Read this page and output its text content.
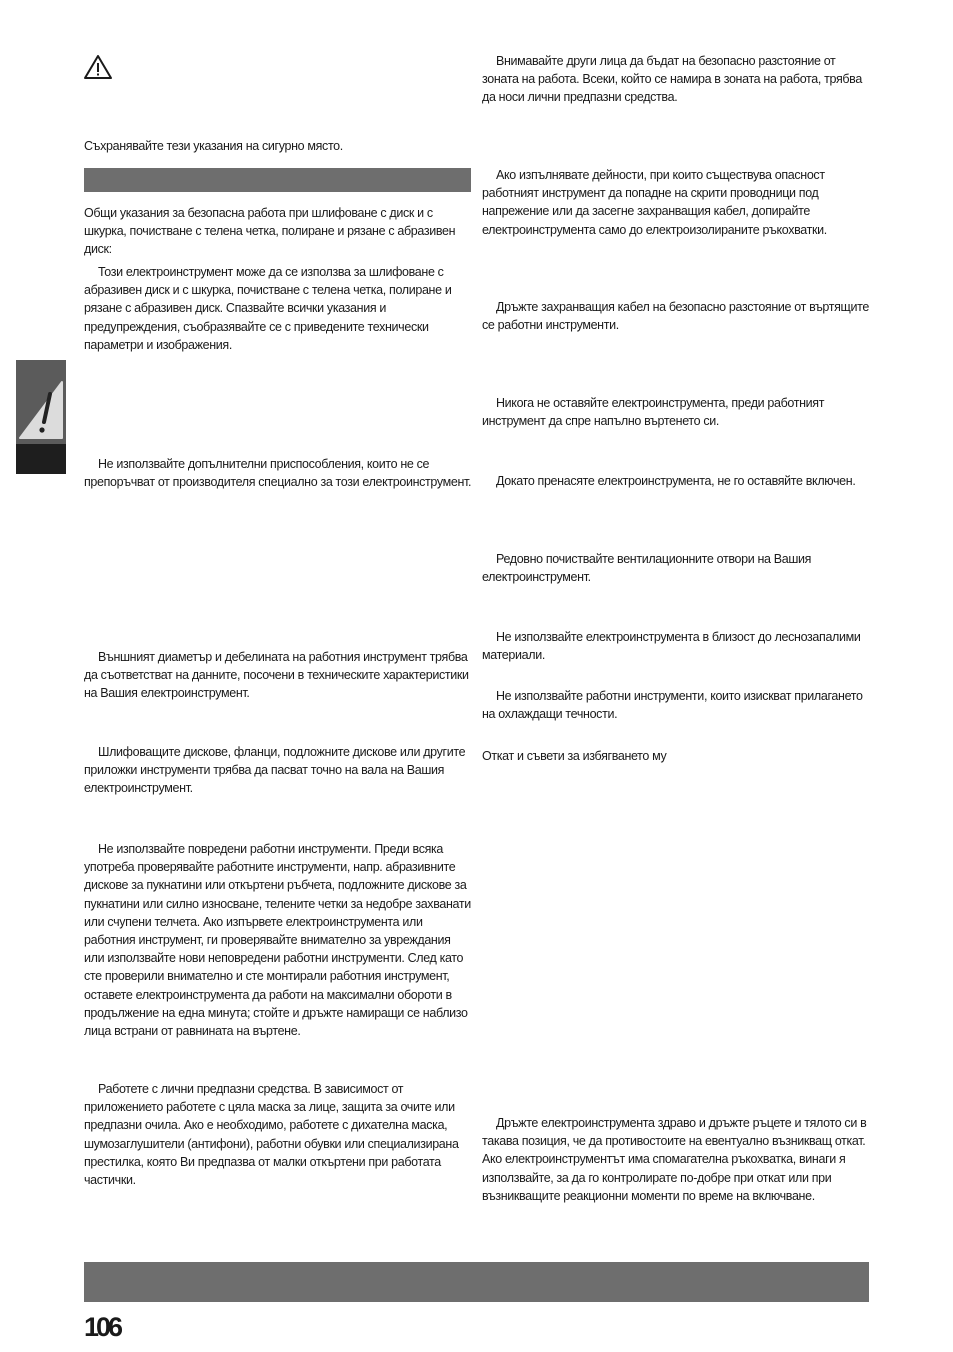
Съхранявайте тези указания на сигурно място.

Общи указания за безопасна работа при шлифоване с диск и с шкурка, почистване с телена четка, полиране и рязане с абразивен диск:

Този електроинструмент може да се използва за шлифоване с абразивен диск и с шкурка, почистване с телена четка, полиране и рязане с абразивен диск. Спазвайте всички указания и предупреждения, съобразявайте се с приведените технически параметри и изображения.

Не използвайте допълнителни приспособления, които не се препоръчват от производителя специално за този електроинструмент.

Външният диаметър и дебелината на работния инструмент трябва да съответстват на данните, посочени в техническите характеристики на Вашия електроинструмент.

Шлифоващите дискове, фланци, подложните дискове или другите приложки инструменти трябва да пасват точно на вала на Вашия електроинструмент.

Не използвайте повредени работни инструменти. Преди всяка употреба проверявайте работните инструменти, напр. абразивните дискове за пукнатини или откъртени ръбчета, подложните дискове за пукнатини или силно износване, телените четки за недобре захванати или счупени телчета. Ако изпървете електроинструмента или работния инструмент, ги проверявайте внимателно за увреждания или използвайте нови неповредени работни инструменти. След като сте проверили внимателно и сте монтирали работния инструмент, оставете електроинструмента да работи на максимални обороти в продължение на една минута; стойте и дръжте намиращи се наблизо лица встрани от равнината на въртене.

Работете с лични предпазни средства. В зависимост от приложението работете с цяла маска за лице, защита за очите или предпазни очила. Ако е необходимо, работете с дихателна маска, шумозаглушители (антифони), работни обувки или специализирана престилка, която Ви предпазва от малки откъртени при работата частички.

Внимавайте други лица да бъдат на безопасно разстояние от зоната на работа. Всеки, който се намира в зоната на работа, трябва да носи лични предпазни средства.

Ако изпълнявате дейности, при които съществува опасност работният инструмент да попадне на скрити проводници под напрежение или да засегне захранващия кабел, допирайте електроинструмента само до електроизолираните ръкохватки.

Дръжте захранващия кабел на безопасно разстояние от въртящите се работни инструменти.

Никога не оставяйте електроинструмента, преди работният инструмент да спре напълно въртенето си.

Докато пренасяте електроинструмента, не го оставяйте включен.

Редовно почиствайте вентилационните отвори на Вашия електроинструмент.

Не използвайте електроинструмента в близост до леснозапалими материали.

Не използвайте работни инструменти, които изискват прилагането на охлаждащи течности.

Откат и съвети за избягването му

Дръжте електроинструмента здраво и дръжте ръцете и тялото си в такава позиция, че да противостоите на евентуално възникващ откат. Ако електроинструментът има спомагателна ръкохватка, винаги я използвайте, за да го контролирате по-добре при откат или при възникващите реакционни моменти по време на включване.

106
